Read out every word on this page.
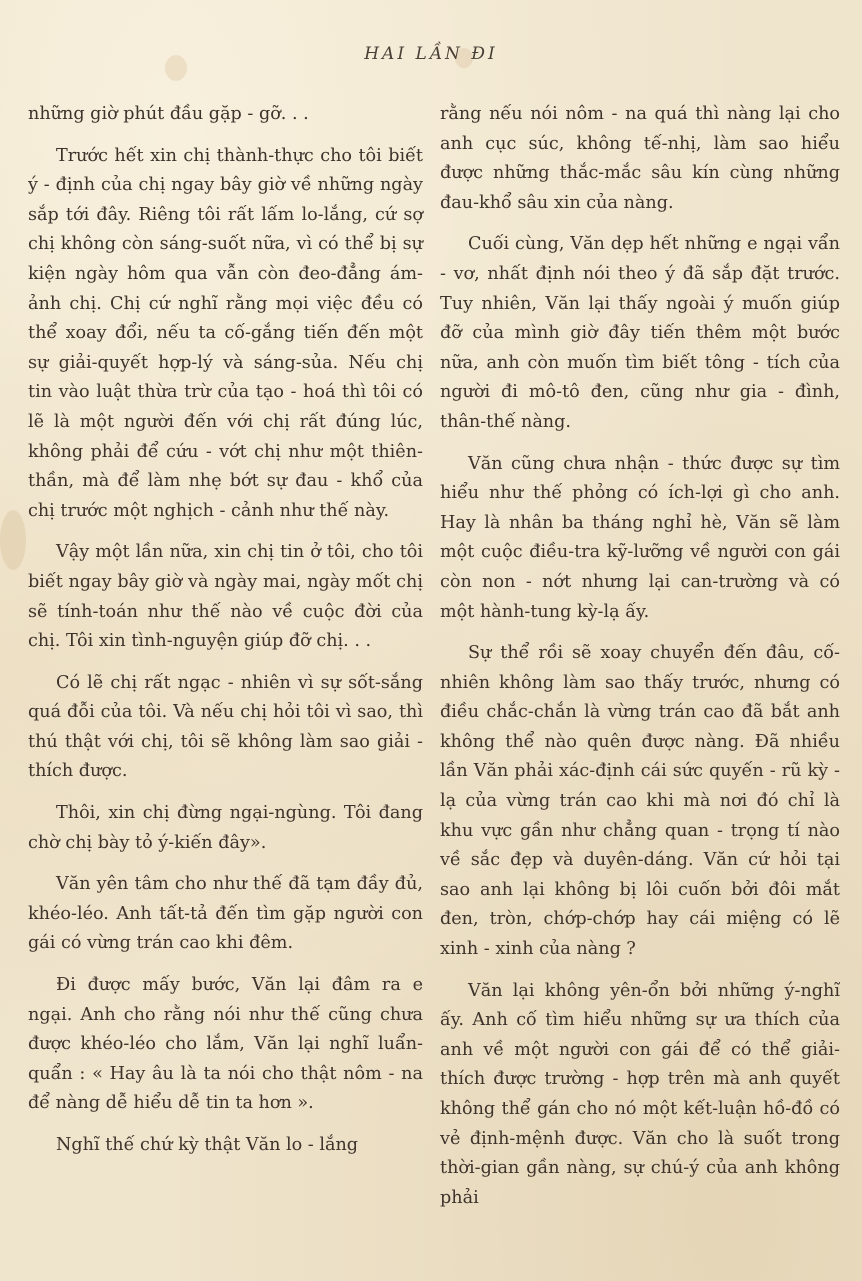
HAI LẦN ĐI

những giờ phút đầu gặp - gỡ. . .

Trước hết xin chị thành-thực cho tôi biết ý - định của chị ngay bây giờ về những ngày sắp tới đây. Riêng tôi rất lấm lo-lắng, cứ sợ chị không còn sáng-suốt nữa, vì có thể bị sự kiện ngày hôm qua vẫn còn đeo-đẳng ám-ảnh chị. Chị cứ nghĩ rằng mọi việc đều có thể xoay đổi, nếu ta cố-gắng tiến đến một sự giải-quyết hợp-lý và sáng-sủa. Nếu chị tin vào luật thừa trừ của tạo - hoá thì tôi có lẽ là một người đến với chị rất đúng lúc, không phải để cứu - vớt chị như một thiên-thần, mà để làm nhẹ bớt sự đau - khổ của chị trước một nghịch - cảnh như thế này.

Vậy một lần nữa, xin chị tin ở tôi, cho tôi biết ngay bây giờ và ngày mai, ngày mốt chị sẽ tính-toán như thế nào về cuộc đời của chị. Tôi xin tình-nguyện giúp đỡ chị. . .

Có lẽ chị rất ngạc - nhiên vì sự sốt-sắng quá đỗi của tôi. Và nếu chị hỏi tôi vì sao, thì thú thật với chị, tôi sẽ không làm sao giải - thích được.

Thôi, xin chị đừng ngại-ngùng. Tôi đang chờ chị bày tỏ ý-kiến đây».

Văn yên tâm cho như thế đã tạm đầy đủ, khéo-léo. Anh tất-tả đến tìm gặp người con gái có vừng trán cao khi đêm.

Đi được mấy bước, Văn lại đâm ra e ngại. Anh cho rằng nói như thế cũng chưa được khéo-léo cho lắm, Văn lại nghĩ luẩn-quẩn : « Hay âu là ta nói cho thật nôm - na để nàng dễ hiểu dễ tin ta hơn ».

Nghĩ thế chứ kỳ thật Văn lo - lắng

rằng nếu nói nôm - na quá thì nàng lại cho anh cục súc, không tế-nhị, làm sao hiểu được những thắc-mắc sâu kín cùng những đau-khổ sâu xin của nàng.

Cuối cùng, Văn dẹp hết những e ngại vẩn - vơ, nhất định nói theo ý đã sắp đặt trước. Tuy nhiên, Văn lại thấy ngoài ý muốn giúp đỡ của mình giờ đây tiến thêm một bước nữa, anh còn muốn tìm biết tông - tích của người đi mô-tô đen, cũng như gia - đình, thân-thế nàng.

Văn cũng chưa nhận - thức được sự tìm hiểu như thế phỏng có ích-lợi gì cho anh. Hay là nhân ba tháng nghỉ hè, Văn sẽ làm một cuộc điều-tra kỹ-lưỡng về người con gái còn non - nớt nhưng lại can-trường và có một hành-tung kỳ-lạ ấy.

Sự thể rồi sẽ xoay chuyển đến đâu, cố-nhiên không làm sao thấy trước, nhưng có điều chắc-chắn là vừng trán cao đã bắt anh không thể nào quên được nàng. Đã nhiều lần Văn phải xác-định cái sức quyến - rũ kỳ - lạ của vừng trán cao khi mà nơi đó chỉ là khu vực gần như chẳng quan - trọng tí nào về sắc đẹp và duyên-dáng. Văn cứ hỏi tại sao anh lại không bị lôi cuốn bởi đôi mắt đen, tròn, chớp-chớp hay cái miệng có lẽ xinh - xinh của nàng ?

Văn lại không yên-ổn bởi những ý-nghĩ ấy. Anh cố tìm hiểu những sự ưa thích của anh về một người con gái để có thể giải-thích được trường - hợp trên mà anh quyết không thể gán cho nó một kết-luận hồ-đồ có vẻ định-mệnh được. Văn cho là suốt trong thời-gian gần nàng, sự chú-ý của anh không phải
